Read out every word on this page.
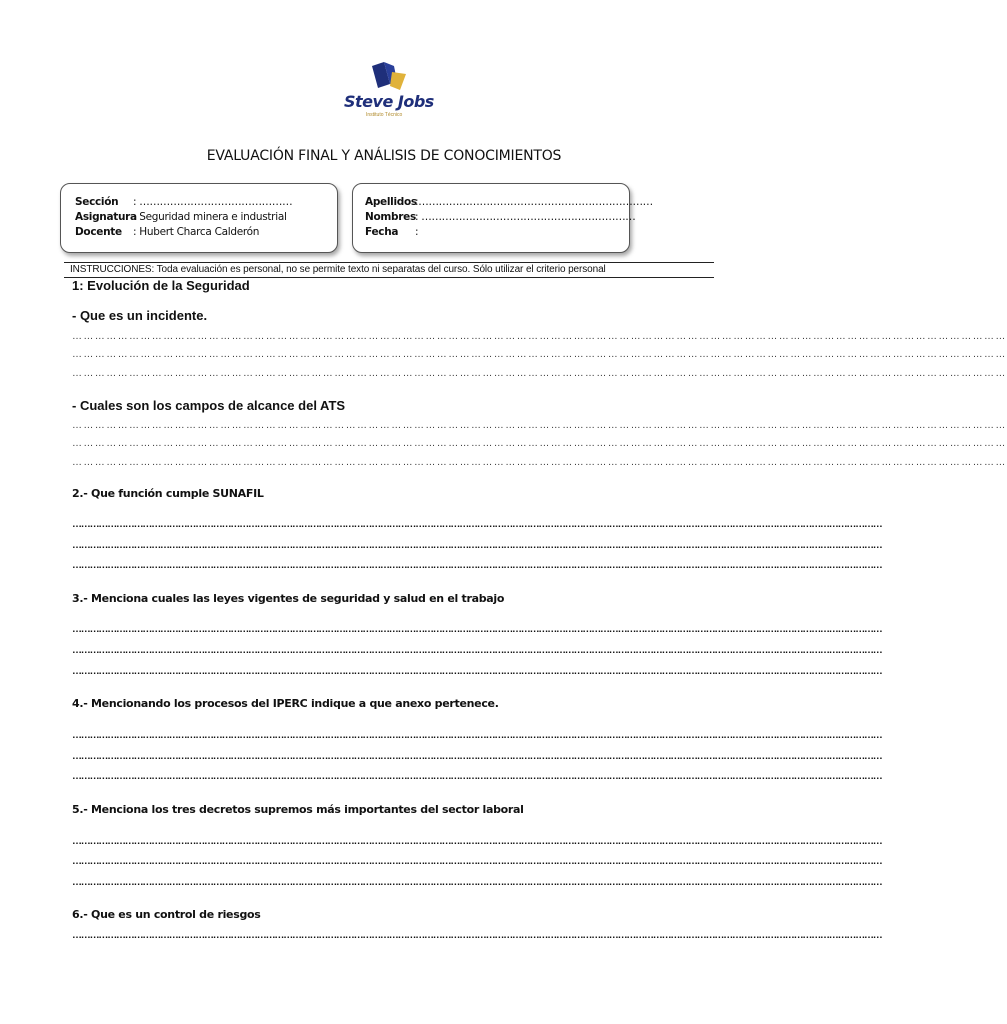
Steve Jobs
Instituto Técnico
EVALUACIÓN FINAL Y ANÁLISIS DE CONOCIMIENTOS
Sección : ………………………………………
Asignatura
: Seguridad minera e industrial
Docente : Hubert Charca Calderón
Apellidos
:……………………………………………………………
Nombres : ………………………………………………………
Fecha :
INSTRUCCIONES: Toda evaluación es personal, no se permite texto ni separatas del curso. Sólo utilizar el criterio personal
1: Evolución de la Seguridad
- Que es un incidente.
…………………………………………………………………………………………………………………………………………………………………………………………………………………………
…………………………………………………………………………………………………………………………………………………………………………………………………………………………
…………………………………………………………………………………………………………………………………………………………………………………………………………………………
- Cuales son los campos de alcance del ATS
…………………………………………………………………………………………………………………………………………………………………………………………………………………………
…………………………………………………………………………………………………………………………………………………………………………………………………………………………
…………………………………………………………………………………………………………………………………………………………………………………………………………………………
2.- Que función cumple SUNAFIL
……………………………………………………………………………………………………………………………………………………………………………………………………………………………………………………
……………………………………………………………………………………………………………………………………………………………………………………………………………………………………………………
……………………………………………………………………………………………………………………………………………………………………………………………………………………………………………………
3.- Menciona cuales las leyes vigentes de seguridad y salud en el trabajo
……………………………………………………………………………………………………………………………………………………………………………………………………………………………………………………
……………………………………………………………………………………………………………………………………………………………………………………………………………………………………………………
……………………………………………………………………………………………………………………………………………………………………………………………………………………………………………………
4.- Mencionando los procesos del IPERC indique a que anexo pertenece.
……………………………………………………………………………………………………………………………………………………………………………………………………………………………………………………
……………………………………………………………………………………………………………………………………………………………………………………………………………………………………………………
……………………………………………………………………………………………………………………………………………………………………………………………………………………………………………………
5.- Menciona los tres decretos supremos más importantes del sector laboral
……………………………………………………………………………………………………………………………………………………………………………………………………………………………………………………
……………………………………………………………………………………………………………………………………………………………………………………………………………………………………………………
……………………………………………………………………………………………………………………………………………………………………………………………………………………………………………………
6.- Que es un control de riesgos
……………………………………………………………………………………………………………………………………………………………………………………………………………………………………………………
